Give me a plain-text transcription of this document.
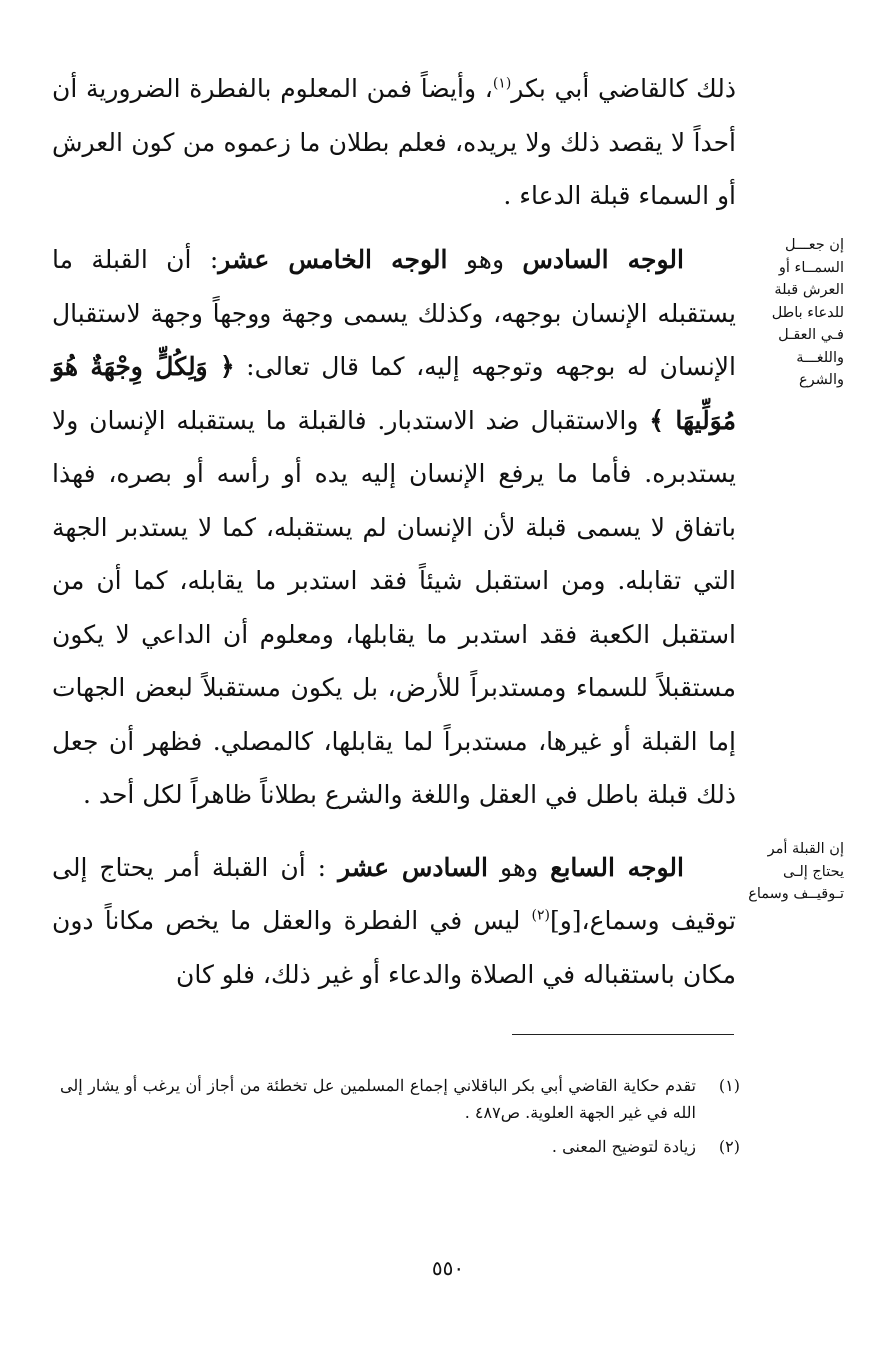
ذلك كالقاضي أبي بكر$^{(١)}$، وأيضاً فمن المعلوم بالفطرة الضرورية أن أحداً لا يقصد ذلك ولا يريده، فعلم بطلان ما زعموه من كون العرش أو السماء قبلة الدعاء .

الوجه السادس وهو الوجه الخامس عشر: أن القبلة ما يستقبله الإنسان بوجهه، وكذلك يسمى وجهة ووجهاً وجهة لاستقبال الإنسان له بوجهه وتوجهه إليه، كما قال تعالى: ﴿ وَلِكُلٍّ وِجْهَةٌ هُوَ مُوَلِّيهَا ﴾ والاستقبال ضد الاستدبار. فالقبلة ما يستقبله الإنسان ولا يستدبره. فأما ما يرفع الإنسان إليه يده أو رأسه أو بصره، فهذا باتفاق لا يسمى قبلة لأن الإنسان لم يستقبله، كما لا يستدبر الجهة التي تقابله. ومن استقبل شيئاً فقد استدبر ما يقابله، كما أن من استقبل الكعبة فقد استدبر ما يقابلها، ومعلوم أن الداعي لا يكون مستقبلاً للسماء ومستدبراً للأرض، بل يكون مستقبلاً لبعض الجهات إما القبلة أو غيرها، مستدبراً لما يقابلها، كالمصلي. فظهر أن جعل ذلك قبلة باطل في العقل واللغة والشرع بطلاناً ظاهراً لكل أحد .

الوجه السابع وهو السادس عشر : أن القبلة أمر يحتاج إلى توقيف وسماع،[و]$^{(٢)}$ ليس في الفطرة والعقل ما يخص مكاناً دون مكان باستقباله في الصلاة والدعاء أو غير ذلك، فلو كان

إن جعـــل السمــاء أو العرش قبلة للدعاء باطل فـي العقـل واللغـــة والشرع
إن القبلة أمر يحتاج إلـى تـوقيــف وسماع
(١)
تقدم حكاية القاضي أبي بكر الباقلاني إجماع المسلمين عل تخطئة من أجاز أن يرغب أو يشار إلى الله في غير الجهة العلوية. ص٤٨٧ .
(٢)
زيادة لتوضيح المعنى .
٥٥٠
